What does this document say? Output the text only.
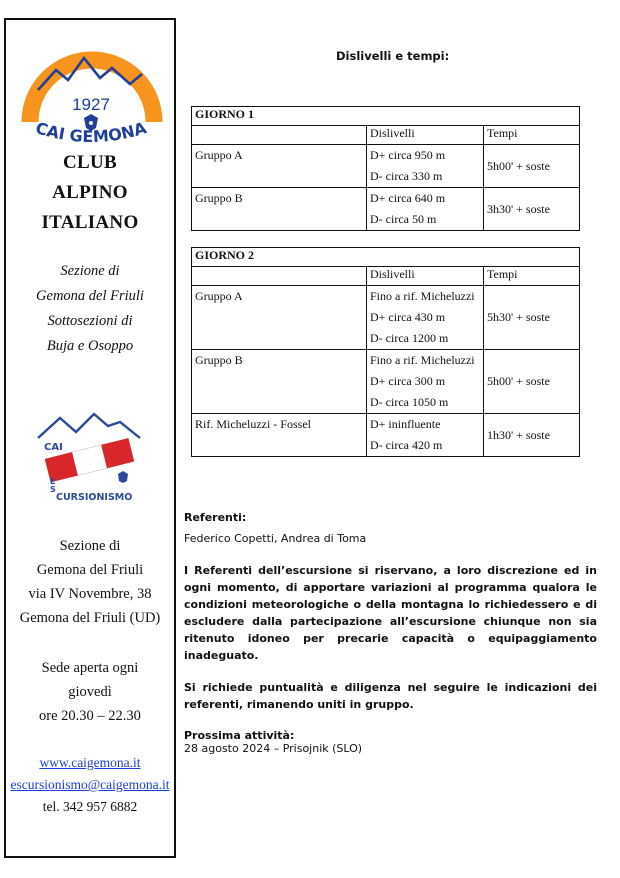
1927
CAI GEMONA
CLUB
ALPINO
ITALIANO
Sezione di
Gemona del Friuli
Sottosezioni di
Buja e Osoppo
CAI
E
S
CURSIONISMO
Sezione di
Gemona del Friuli
via IV Novembre, 38
Gemona del Friuli (UD)
Sede aperta ogni
giovedì
ore 20.30 – 22.30
www.caigemona.it
escursionismo@caigemona.it
tel. 342 957 6882
Dislivelli e tempi:
GIORNO 1		
	Dislivelli	Tempi

Gruppo A	D+ circa 950 m
D- circa 330 m	5h00' + soste

Gruppo B	D+ circa 640 m
D- circa 50 m	3h30' + soste
GIORNO 2		
	Dislivelli	Tempi

Gruppo A	Fino a rif. Micheluzzi
D+ circa 430 m
D- circa 1200 m	5h30' + soste

Gruppo B	Fino a rif. Micheluzzi
D+ circa 300 m
D- circa 1050 m	5h00' + soste

Rif. Micheluzzi - Fossel	D+ ininfluente
D- circa 420 m	1h30' + soste
Referenti:
Federico Copetti, Andrea di Toma
I Referenti dell’escursione si riservano, a loro discrezione ed in ogni momento, di apportare variazioni al programma qualora le condizioni meteorologiche o della montagna lo richiedessero e di escludere dalla partecipazione all’escursione chiunque non sia ritenuto idoneo per precarie capacità o equipaggiamento inadeguato.
Si richiede puntualità e diligenza nel seguire le indicazioni dei referenti, rimanendo uniti in gruppo.
Prossima attività:
28 agosto 2024 – Prisojnik (SLO)
